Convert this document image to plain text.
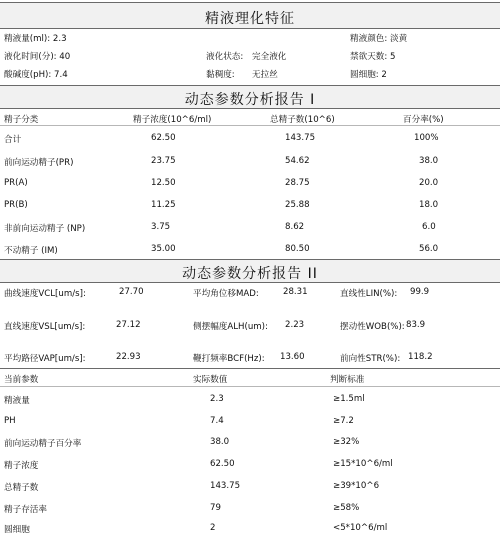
精液理化特征
精液量(ml): 2.3	精液颜色: 淡黄
液化时间(分): 40	液化状态: 完全液化	禁欲天数: 5
酸碱度(pH): 7.4	黏稠度: 无拉丝	圆细胞: 2
动态参数分析报告 I
精子分类	精子浓度(10^6/ml)	总精子数(10^6)	百分率(%)
合计	62.50	143.75	100%
前向运动精子(PR)	23.75	54.62	38.0
PR(A)	12.50	28.75	20.0
PR(B)	11.25	25.88	18.0
非前向运动精子 (NP)	3.75	8.62	6.0
不动精子 (IM)	35.00	80.50	56.0
动态参数分析报告 II
曲线速度VCL[um/s]:	27.70	平均角位移MAD:	28.31	直线性LIN(%): 99.9
直线速度VSL[um/s]:	27.12	侧摆幅度ALH(um): 2.23	摆动性WOB(%): 83.9
平均路径VAP[um/s]:	22.93	鞭打频率BCF(Hz): 13.60	前向性STR(%): 118.2
当前参数	实际数值	判断标准
精液量	2.3	≥1.5ml
PH	7.4	≥7.2
前向运动精子百分率	38.0	≥32%
精子浓度	62.50	≥15*10^6/ml
总精子数	143.75	≥39*10^6
精子存活率	79	≥58%
圆细胞	2	<5*10^6/ml
